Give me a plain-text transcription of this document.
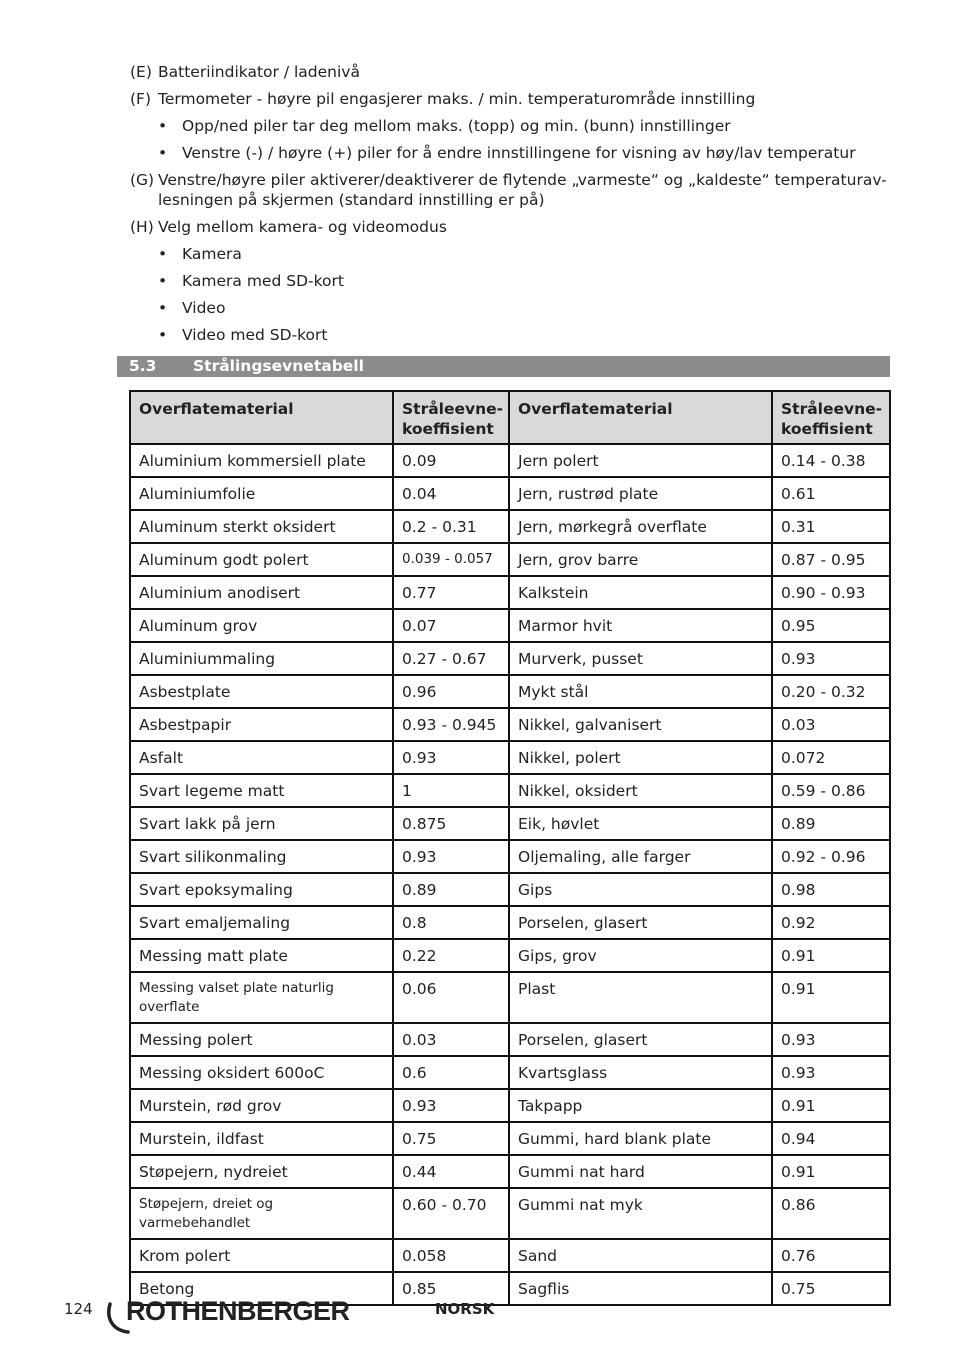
(E) Batteriindikator / ladenivå
(F) Termometer - høyre pil engasjerer maks. / min. temperaturområde innstilling
• Opp/ned piler tar deg mellom maks. (topp) og min. (bunn) innstillinger
• Venstre (-) / høyre (+) piler for å endre innstillingene for visning av høy/lav temperatur
(G) Venstre/høyre piler aktiverer/deaktiverer de flytende „varmeste“ og „kaldeste“ temperaturav-lesningen på skjermen (standard innstilling er på)
(H) Velg mellom kamera- og videomodus
• Kamera
• Kamera med SD-kort
• Video
• Video med SD-kort
5.3 Strålingsevnetabell
Overflatematerial	Stråleevne-koeffisient	Overflatematerial	Stråleevne-koeffisient
Aluminium kommersiell plate	0.09	Jern polert	0.14 - 0.38
Aluminiumfolie	0.04	Jern, rustrød plate	0.61
Aluminum sterkt oksidert	0.2 - 0.31	Jern, mørkegrå overflate	0.31
Aluminum godt polert	0.039 - 0.057	Jern, grov barre	0.87 - 0.95
Aluminium anodisert	0.77	Kalkstein	0.90 - 0.93
Aluminum grov	0.07	Marmor hvit	0.95
Aluminiummaling	0.27 - 0.67	Murverk, pusset	0.93
Asbestplate	0.96	Mykt stål	0.20 - 0.32
Asbestpapir	0.93 - 0.945	Nikkel, galvanisert	0.03
Asfalt	0.93	Nikkel, polert	0.072
Svart legeme matt	1	Nikkel, oksidert	0.59 - 0.86
Svart lakk på jern	0.875	Eik, høvlet	0.89
Svart silikonmaling	0.93	Oljemaling, alle farger	0.92 - 0.96
Svart epoksymaling	0.89	Gips	0.98
Svart emaljemaling	0.8	Porselen, glasert	0.92
Messing matt plate	0.22	Gips, grov	0.91
Messing valset plate naturlig overflate	0.06	Plast	0.91
Messing polert	0.03	Porselen, glasert	0.93
Messing oksidert 600oC	0.6	Kvartsglass	0.93
Murstein, rød grov	0.93	Takpapp	0.91
Murstein, ildfast	0.75	Gummi, hard blank plate	0.94
Støpejern, nydreiet	0.44	Gummi nat hard	0.91
Støpejern, dreiet og varmebehandlet	0.60 - 0.70	Gummi nat myk	0.86
Krom polert	0.058	Sand	0.76
Betong	0.85	Sagflis	0.75
124 ROTHENBERGER	NORSK
